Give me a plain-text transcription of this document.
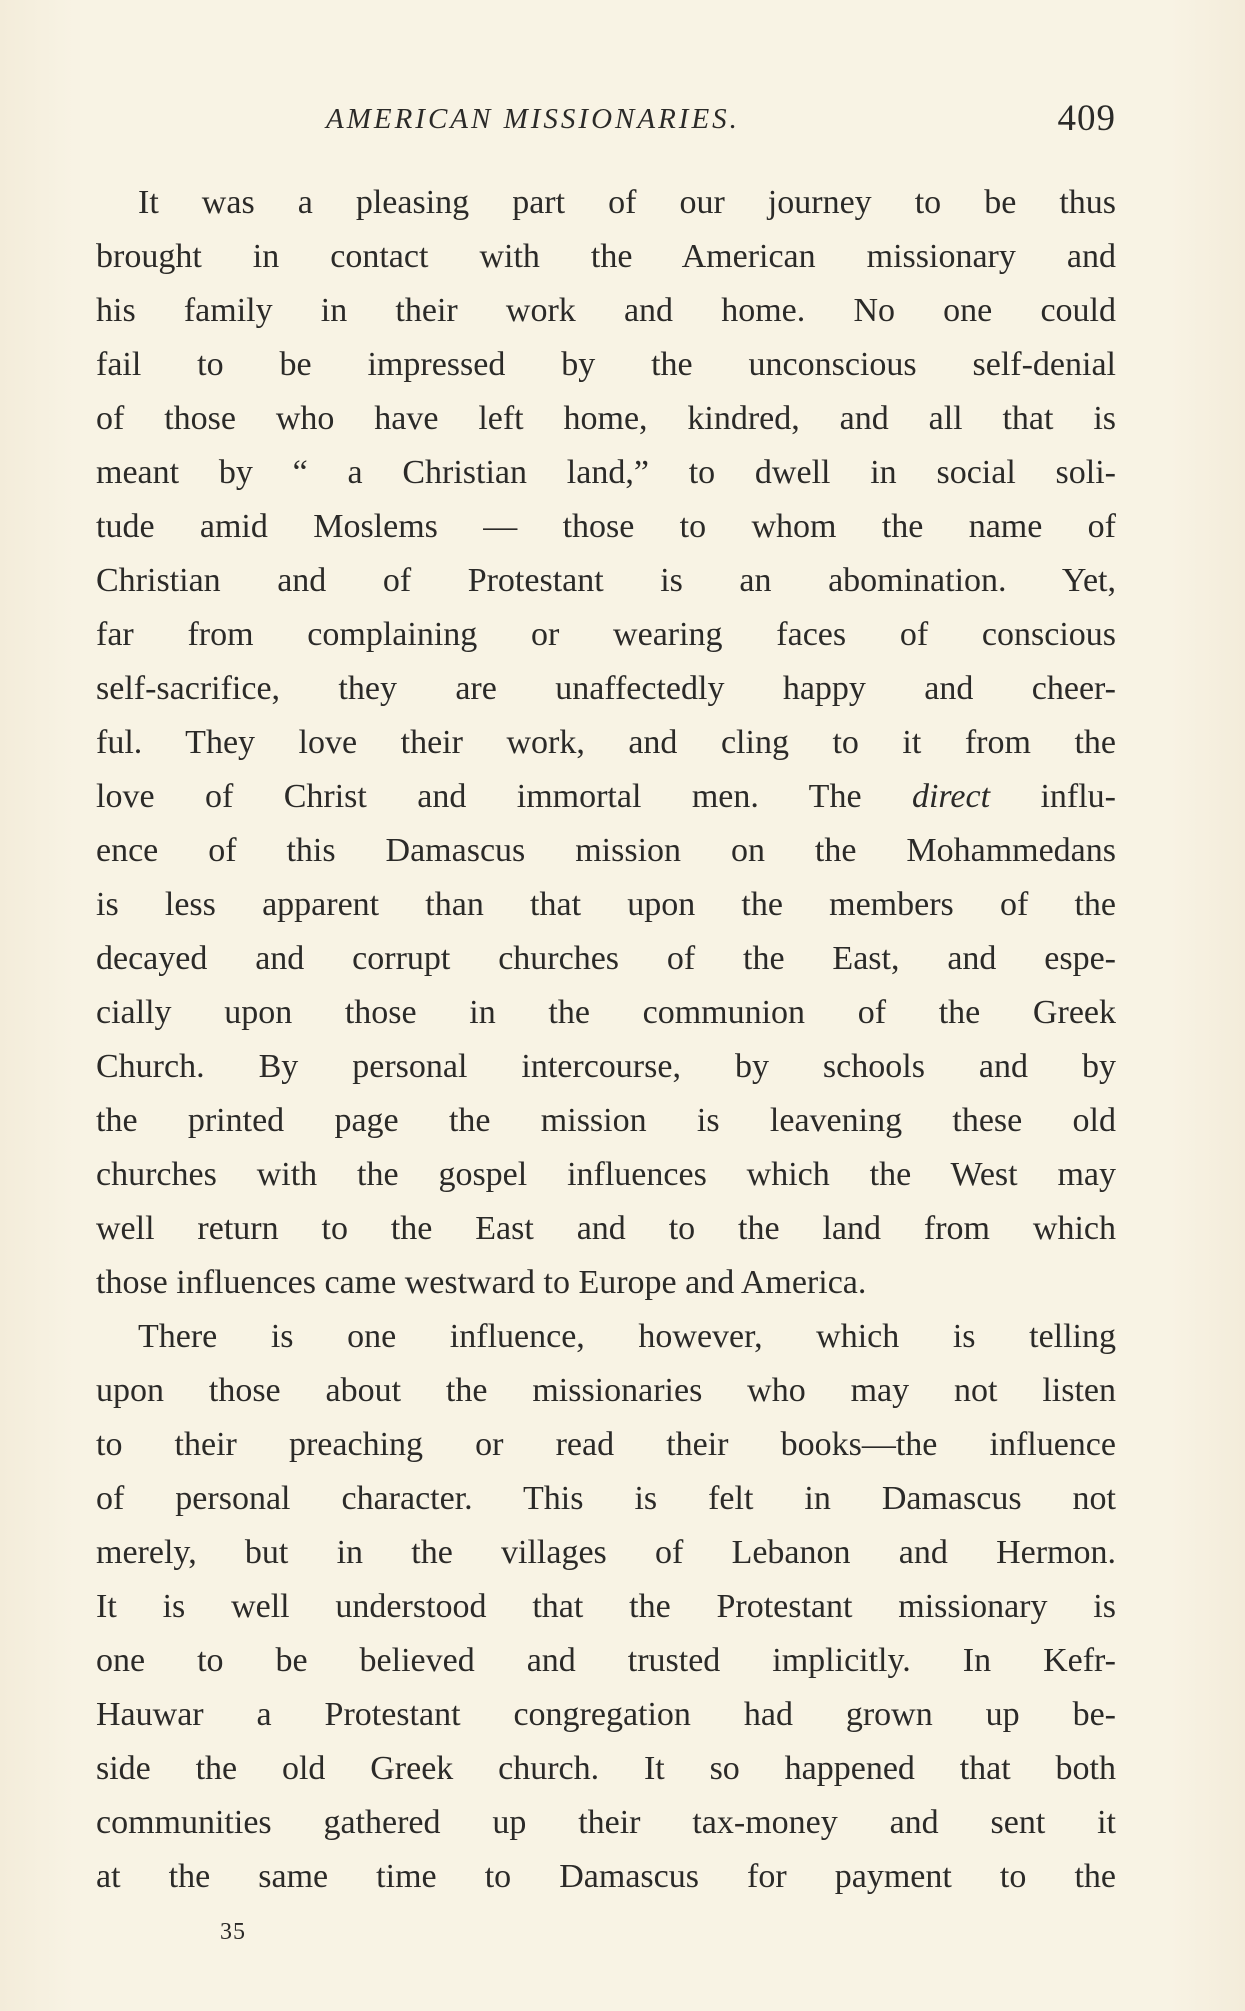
AMERICAN MISSIONARIES.	409
It was a pleasing part of our journey to be thus
brought in contact with the American missionary and
his family in their work and home. No one could
fail to be impressed by the unconscious self-denial
of those who have left home, kindred, and all that is
meant by “ a Christian land,” to dwell in social soli-
tude amid Moslems — those to whom the name of
Christian and of Protestant is an abomination. Yet,
far from complaining or wearing faces of conscious
self-sacrifice, they are unaffectedly happy and cheer-
ful. They love their work, and cling to it from the
love of Christ and immortal men. The direct influ-
ence of this Damascus mission on the Mohammedans
is less apparent than that upon the members of the
decayed and corrupt churches of the East, and espe-
cially upon those in the communion of the Greek
Church. By personal intercourse, by schools and by
the printed page the mission is leavening these old
churches with the gospel influences which the West may
well return to the East and to the land from which
those influences came westward to Europe and America.
There is one influence, however, which is telling
upon those about the missionaries who may not listen
to their preaching or read their books—the influence
of personal character. This is felt in Damascus not
merely, but in the villages of Lebanon and Hermon.
It is well understood that the Protestant missionary is
one to be believed and trusted implicitly. In Kefr-
Hauwar a Protestant congregation had grown up be-
side the old Greek church. It so happened that both
communities gathered up their tax-money and sent it
at the same time to Damascus for payment to the
35
